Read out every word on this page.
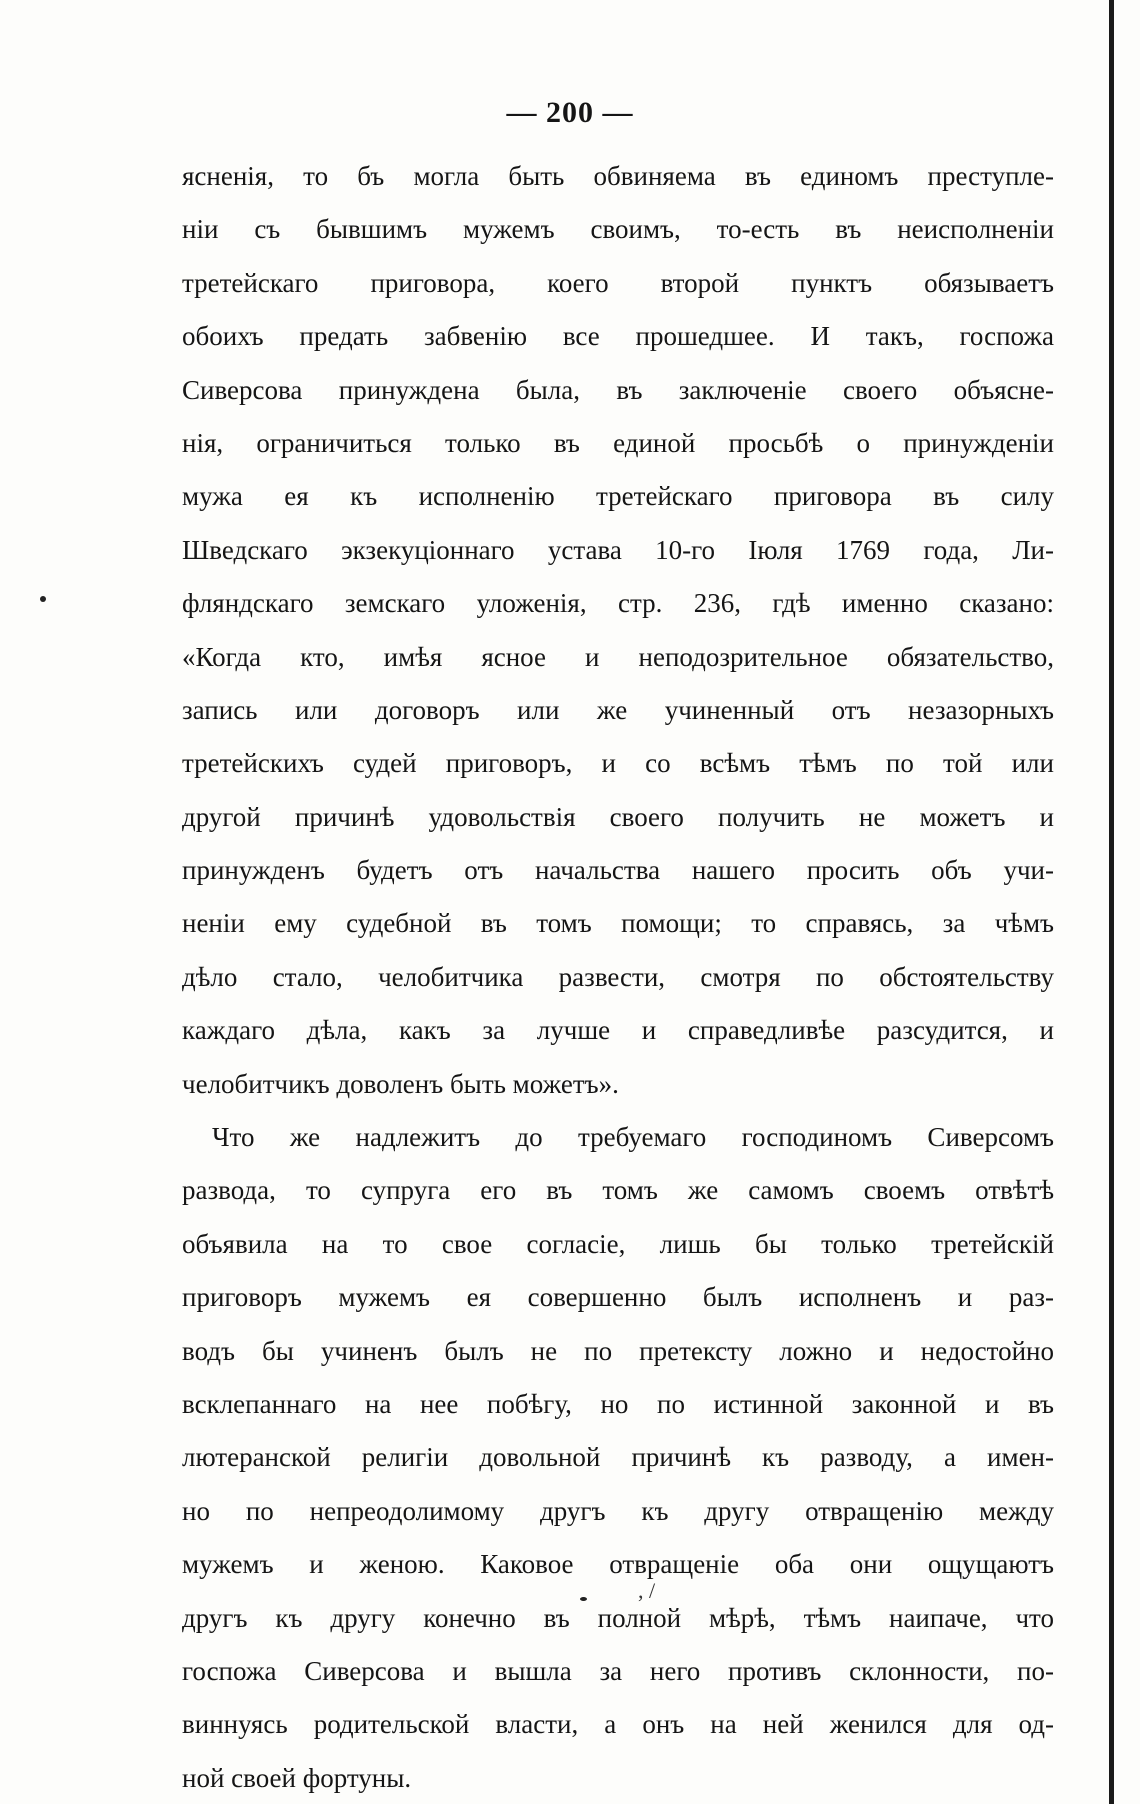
— 200 —
ясненія, то бъ могла быть обвиняема въ единомъ преступле-
ніи съ бывшимъ мужемъ своимъ, то-есть въ неисполненіи
третейскаго приговора, коего второй пунктъ обязываетъ
обоихъ предать забвенію все прошедшее. И такъ, госпожа
Сиверсова принуждена была, въ заключеніе своего объясне-
нія, ограничиться только въ единой просьбѣ о принужденіи
мужа ея къ исполненію третейскаго приговора въ силу
Шведскаго экзекуціоннаго устава 10-го Іюля 1769 года, Ли-
фляндскаго земскаго уложенія, стр. 236, гдѣ именно сказано:
«Когда кто, имѣя ясное и неподозрительное обязательство,
запись или договоръ или же учиненный отъ незазорныхъ
третейскихъ судей приговоръ, и со всѣмъ тѣмъ по той или
другой причинѣ удовольствія своего получить не можетъ и
принужденъ будетъ отъ начальства нашего просить объ учи-
неніи ему судебной въ томъ помощи; то справясь, за чѣмъ
дѣло стало, челобитчика развести, смотря по обстоятельству
каждаго дѣла, какъ за лучше и справедливѣе разсудится, и
челобитчикъ доволенъ быть можетъ».
Что же надлежитъ до требуемаго господиномъ Сиверсомъ
развода, то супруга его въ томъ же самомъ своемъ отвѣтѣ
объявила на то свое согласіе, лишь бы только третейскій
приговоръ мужемъ ея совершенно былъ исполненъ и раз-
водъ бы учиненъ былъ не по претексту ложно и недостойно
всклепаннаго на нее побѣгу, но по истинной законной и въ
лютеранской религіи довольной причинѣ къ разводу, а имен-
но по непреодолимому другъ къ другу отвращенію между
мужемъ и женою. Каковое отвращеніе оба они ощущаютъ
другъ къ другу конечно въ полной мѣрѣ, тѣмъ наипаче, что
госпожа Сиверсова и вышла за него противъ склонности, по-
виннуясь родительской власти, а онъ на ней женился для од-
ной своей фортуны.
, /
